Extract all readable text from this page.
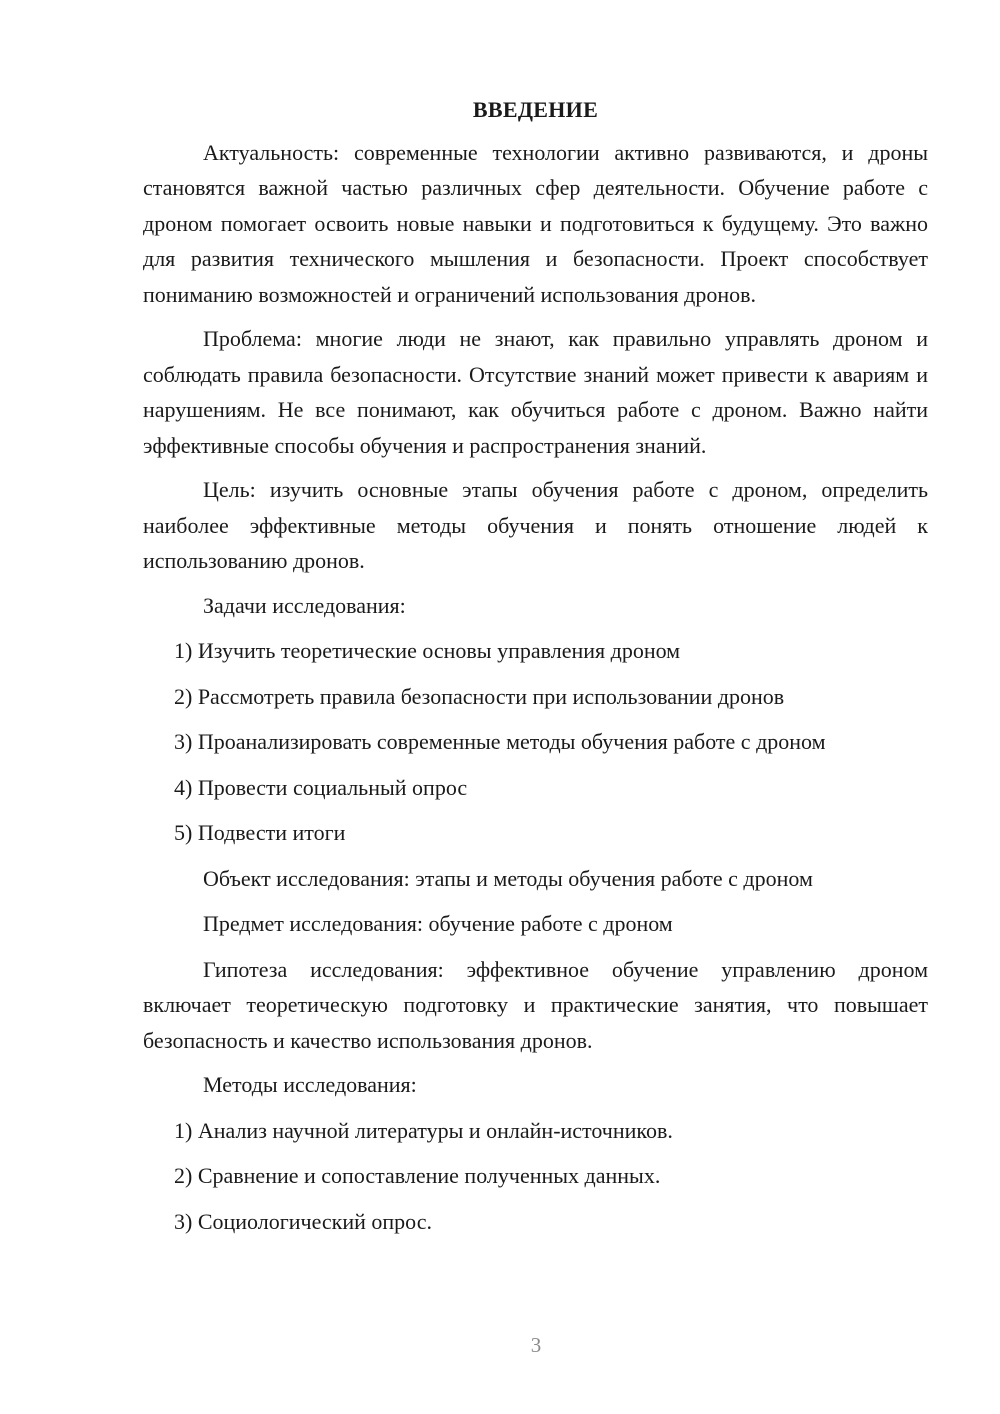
ВВЕДЕНИЕ

Актуальность: современные технологии активно развиваются, и дроны становятся важной частью различных сфер деятельности. Обучение работе с дроном помогает освоить новые навыки и подготовиться к будущему. Это важно для развития технического мышления и безопасности. Проект способствует пониманию возможностей и ограничений использования дронов.

Проблема: многие люди не знают, как правильно управлять дроном и соблюдать правила безопасности. Отсутствие знаний может привести к авариям и нарушениям. Не все понимают, как обучиться работе с дроном. Важно найти эффективные способы обучения и распространения знаний.

Цель: изучить основные этапы обучения работе с дроном, определить наиболее эффективные методы обучения и понять отношение людей к использованию дронов.

Задачи исследования:

1) Изучить теоретические основы управления дроном

2) Рассмотреть правила безопасности при использовании дронов

3) Проанализировать современные методы обучения работе с дроном

4) Провести социальный опрос

5) Подвести итоги

Объект исследования: этапы и методы обучения работе с дроном

Предмет исследования: обучение работе с дроном

Гипотеза исследования: эффективное обучение управлению дроном включает теоретическую подготовку и практические занятия, что повышает безопасность и качество использования дронов.

Методы исследования:

1) Анализ научной литературы и онлайн-источников.

2) Сравнение и сопоставление полученных данных.

3) Социологический опрос.

3
